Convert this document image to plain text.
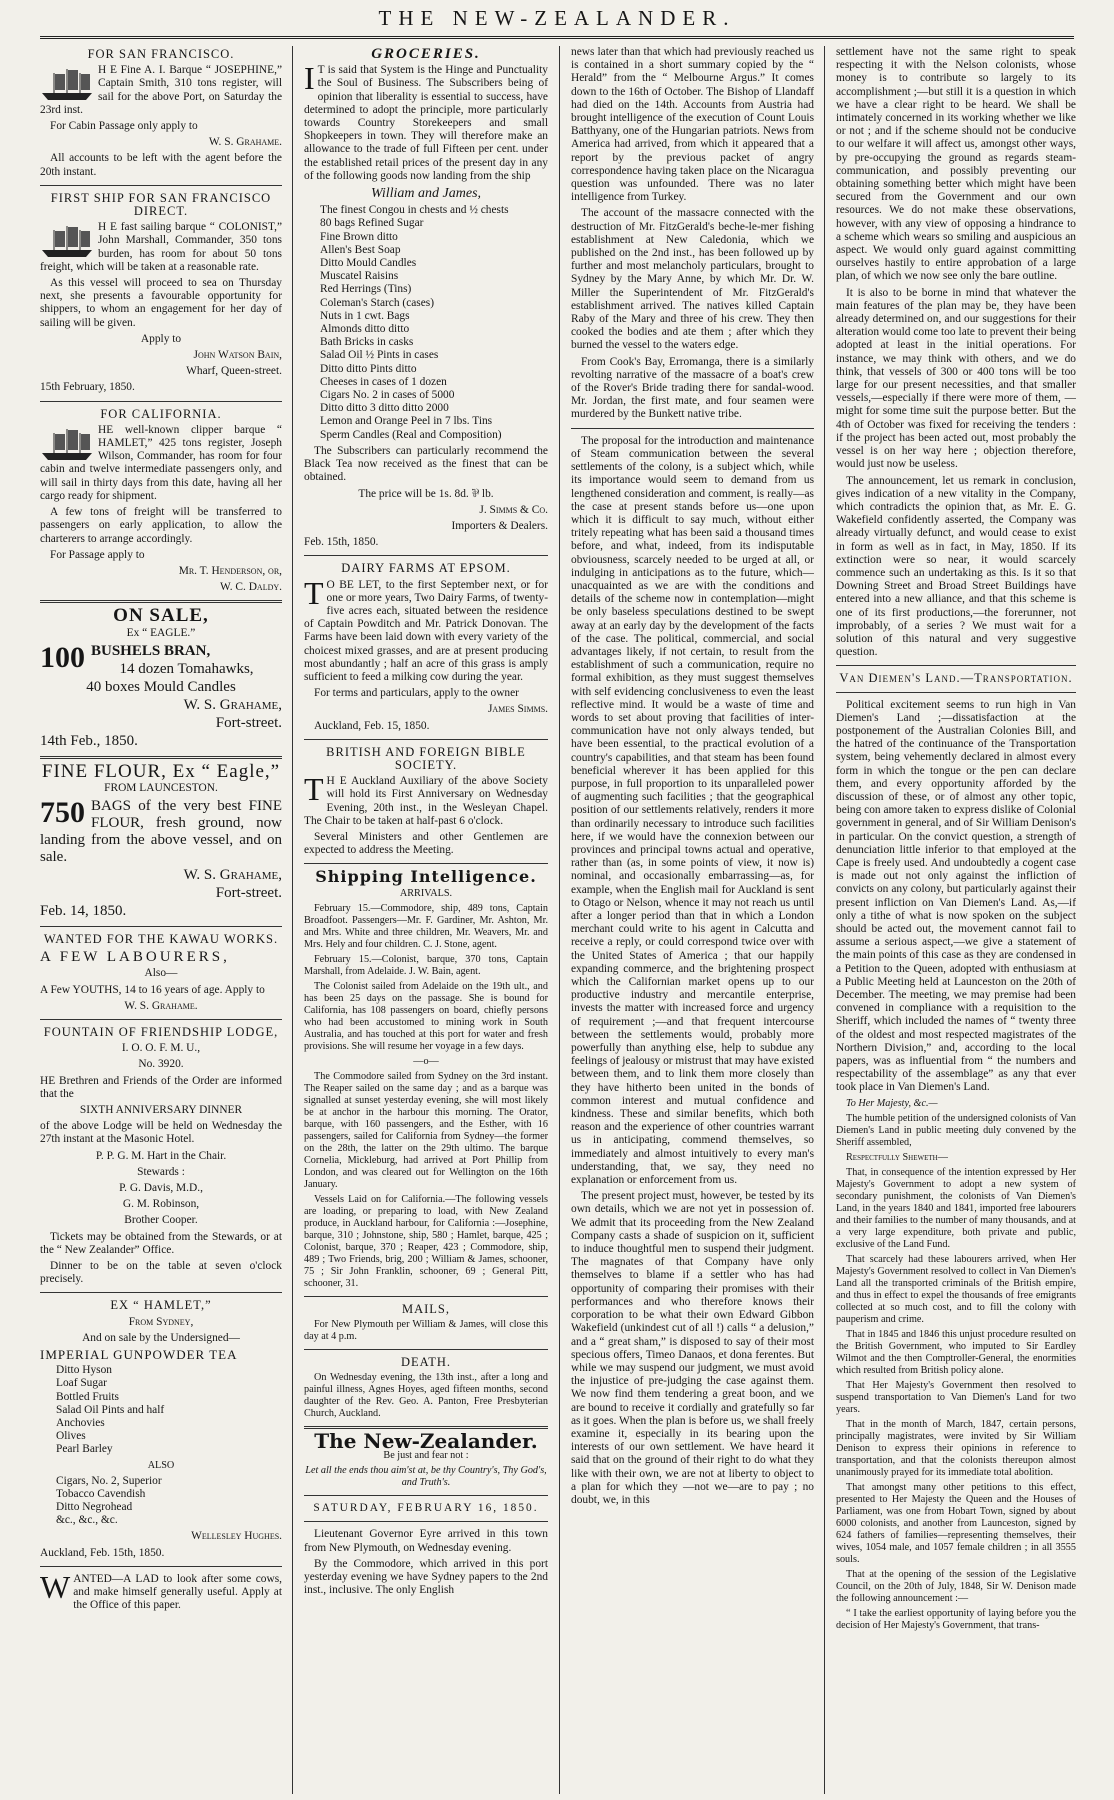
THE NEW-ZEALANDER.
FOR SAN FRANCISCO.

H E Fine A. I. Barque “ JOSEPHINE,” Captain Smith, 310 tons register, will sail for the above Port, on Saturday the 23rd inst.

For Cabin Passage only apply to

W. S. Grahame.

All accounts to be left with the agent before the 20th instant.

FIRST SHIP FOR SAN FRANCISCO DIRECT.

H E fast sailing barque “ COLONIST,” John Marshall, Commander, 350 tons burden, has room for about 50 tons freight, which will be taken at a reasonable rate.

As this vessel will proceed to sea on Thursday next, she presents a favourable opportunity for shippers, to whom an engagement for her day of sailing will be given.

Apply to

John Watson Bain,

Wharf, Queen-street.

15th February, 1850.

FOR CALIFORNIA.

HE well-known clipper barque “ HAMLET,” 425 tons register, Joseph Wilson, Commander, has room for four cabin and twelve intermediate passengers only, and will sail in thirty days from this date, having all her cargo ready for shipment.

A few tons of freight will be transferred to passengers on early application, to allow the charterers to arrange accordingly.

For Passage apply to

Mr. T. Henderson, or,

W. C. Daldy.

ON SALE,

Ex “ EAGLE.”

100 BUSHELS BRAN,

14 dozen Tomahawks,

40 boxes Mould Candles

W. S. Grahame,

Fort-street.

14th Feb., 1850.

FINE FLOUR, Ex “ Eagle,”

FROM LAUNCESTON.

750 BAGS of the very best FINE FLOUR, fresh ground, now landing from the above vessel, and on sale.

W. S. Grahame,

Fort-street.

Feb. 14, 1850.

WANTED FOR THE KAWAU WORKS.

A FEW LABOURERS,

Also—

A Few YOUTHS, 14 to 16 years of age. Apply to

W. S. Grahame.

FOUNTAIN OF FRIENDSHIP LODGE,

I. O. O. F. M. U.,

No. 3920.

HE Brethren and Friends of the Order are informed that the

SIXTH ANNIVERSARY DINNER

of the above Lodge will be held on Wednesday the 27th instant at the Masonic Hotel.

P. P. G. M. Hart in the Chair.

Stewards :

P. G. Davis, M.D.,

G. M. Robinson,

Brother Cooper.

Tickets may be obtained from the Stewards, or at the “ New Zealander” Office.

Dinner to be on the table at seven o'clock precisely.

EX “ HAMLET,”

From Sydney,

And on sale by the Undersigned—

IMPERIAL GUNPOWDER TEA

Ditto Hyson
Loaf Sugar
Bottled Fruits
Salad Oil Pints and half
Anchovies
Olives
Pearl Barley

ALSO

Cigars, No. 2, Superior
Tobacco Cavendish
Ditto Negrohead
&c., &c., &c.

Wellesley Hughes.

Auckland, Feb. 15th, 1850.

WANTED—A LAD to look after some cows, and make himself generally useful. Apply at the Office of this paper.

GROCERIES.

I T is said that System is the Hinge and Punctuality the Soul of Business. The Subscribers being of opinion that liberality is essential to success, have determined to adopt the principle, more particularly towards Country Storekeepers and small Shopkeepers in town. They will therefore make an allowance to the trade of full Fifteen per cent. under the established retail prices of the present day in any of the following goods now landing from the ship

William and James,

The finest Congou in chests and ½ chests
80 bags Refined Sugar
Fine Brown ditto
Allen's Best Soap
Ditto Mould Candles
Muscatel Raisins
Red Herrings (Tins)
Coleman's Starch (cases)
Nuts in 1 cwt. Bags
Almonds ditto ditto
Bath Bricks in casks
Salad Oil ½ Pints in cases
Ditto ditto Pints ditto
Cheeses in cases of 1 dozen
Cigars No. 2 in cases of 5000
Ditto ditto 3 ditto ditto 2000
Lemon and Orange Peel in 7 lbs. Tins
Sperm Candles (Real and Composition)

The Subscribers can particularly recommend the Black Tea now received as the finest that can be obtained.

The price will be 1s. 8d. ⅌ lb.

J. Simms & Co.

Importers & Dealers.

Feb. 15th, 1850.

DAIRY FARMS AT EPSOM.

T O BE LET, to the first September next, or for one or more years, Two Dairy Farms, of twenty-five acres each, situated between the residence of Captain Powditch and Mr. Patrick Donovan. The Farms have been laid down with every variety of the choicest mixed grasses, and are at present producing most abundantly ; half an acre of this grass is amply sufficient to feed a milking cow during the year.

For terms and particulars, apply to the owner

James Simms.

Auckland, Feb. 15, 1850.

BRITISH AND FOREIGN BIBLE SOCIETY.

T H E Auckland Auxiliary of the above Society will hold its First Anniversary on Wednesday Evening, 20th inst., in the Wesleyan Chapel. The Chair to be taken at half-past 6 o'clock.

Several Ministers and other Gentlemen are expected to address the Meeting.

Shipping Intelligence.

ARRIVALS.

February 15.—Commodore, ship, 489 tons, Captain Broadfoot. Passengers—Mr. F. Gardiner, Mr. Ashton, Mr. and Mrs. White and three children, Mr. Weavers, Mr. and Mrs. Hely and four children. C. J. Stone, agent.

February 15.—Colonist, barque, 370 tons, Captain Marshall, from Adelaide. J. W. Bain, agent.

The Colonist sailed from Adelaide on the 19th ult., and has been 25 days on the passage. She is bound for California, has 108 passengers on board, chiefly persons who had been accustomed to mining work in South Australia, and has touched at this port for water and fresh provisions. She will resume her voyage in a few days.

—o—

The Commodore sailed from Sydney on the 3rd instant. The Reaper sailed on the same day ; and as a barque was signalled at sunset yesterday evening, she will most likely be at anchor in the harbour this morning. The Orator, barque, with 160 passengers, and the Esther, with 16 passengers, sailed for California from Sydney—the former on the 28th, the latter on the 29th ultimo. The barque Cornelia, Mickleburg, had arrived at Port Phillip from London, and was cleared out for Wellington on the 16th January.

Vessels Laid on for California.—The following vessels are loading, or preparing to load, with New Zealand produce, in Auckland harbour, for California :—Josephine, barque, 310 ; Johnstone, ship, 580 ; Hamlet, barque, 425 ; Colonist, barque, 370 ; Reaper, 423 ; Commodore, ship, 489 ; Two Friends, brig, 200 ; William & James, schooner, 75 ; Sir John Franklin, schooner, 69 ; General Pitt, schooner, 31.

MAILS,

For New Plymouth per William & James, will close this day at 4 p.m.

DEATH.

On Wednesday evening, the 13th inst., after a long and painful illness, Agnes Hoyes, aged fifteen months, second daughter of the Rev. Geo. A. Panton, Free Presbyterian Church, Auckland.

The New-Zealander.

Be just and fear not :

Let all the ends thou aim'st at, be thy Country's, Thy God's, and Truth's.

SATURDAY, FEBRUARY 16, 1850.

Lieutenant Governor Eyre arrived in this town from New Plymouth, on Wednesday evening.

By the Commodore, which arrived in this port yesterday evening we have Sydney papers to the 2nd inst., inclusive. The only English

news later than that which had previously reached us is contained in a short summary copied by the “ Herald” from the “ Melbourne Argus.” It comes down to the 16th of October. The Bishop of Llandaff had died on the 14th. Accounts from Austria had brought intelligence of the execution of Count Louis Batthyany, one of the Hungarian patriots. News from America had arrived, from which it appeared that a report by the previous packet of angry correspondence having taken place on the Nicaragua question was unfounded. There was no later intelligence from Turkey.

The account of the massacre connected with the destruction of Mr. FitzGerald's beche-le-mer fishing establishment at New Caledonia, which we published on the 2nd inst., has been followed up by further and most melancholy particulars, brought to Sydney by the Mary Anne, by which Mr. Dr. W. Miller the Superintendent of Mr. FitzGerald's establishment arrived. The natives killed Captain Raby of the Mary and three of his crew. They then cooked the bodies and ate them ; after which they burned the vessel to the waters edge.

From Cook's Bay, Erromanga, there is a similarly revolting narrative of the massacre of a boat's crew of the Rover's Bride trading there for sandal-wood. Mr. Jordan, the first mate, and four seamen were murdered by the Bunkett native tribe.

The proposal for the introduction and maintenance of Steam communication between the several settlements of the colony, is a subject which, while its importance would seem to demand from us lengthened consideration and comment, is really—as the case at present stands before us—one upon which it is difficult to say much, without either tritely repeating what has been said a thousand times before, and what, indeed, from its indisputable obviousness, scarcely needed to be urged at all, or indulging in anticipations as to the future, which—unacquainted as we are with the conditions and details of the scheme now in contemplation—might be only baseless speculations destined to be swept away at an early day by the development of the facts of the case. The political, commercial, and social advantages likely, if not certain, to result from the establishment of such a communication, require no formal exhibition, as they must suggest themselves with self evidencing conclusiveness to even the least reflective mind. It would be a waste of time and words to set about proving that facilities of inter-communication have not only always tended, but have been essential, to the practical evolution of a country's capabilities, and that steam has been found beneficial wherever it has been applied for this purpose, in full proportion to its unparalleled power of augmenting such facilities ; that the geographical position of our settlements relatively, renders it more than ordinarily necessary to introduce such facilities here, if we would have the connexion between our provinces and principal towns actual and operative, rather than (as, in some points of view, it now is) nominal, and occasionally embarrassing—as, for example, when the English mail for Auckland is sent to Otago or Nelson, whence it may not reach us until after a longer period than that in which a London merchant could write to his agent in Calcutta and receive a reply, or could correspond twice over with the United States of America ; that our happily expanding commerce, and the brightening prospect which the Californian market opens up to our productive industry and mercantile enterprise, invests the matter with increased force and urgency of requirement ;—and that frequent intercourse between the settlements would, probably more powerfully than anything else, help to subdue any feelings of jealousy or mistrust that may have existed between them, and to link them more closely than they have hitherto been united in the bonds of common interest and mutual confidence and kindness. These and similar benefits, which both reason and the experience of other countries warrant us in anticipating, commend themselves, so immediately and almost intuitively to every man's understanding, that, we say, they need no explanation or enforcement from us.

The present project must, however, be tested by its own details, which we are not yet in possession of. We admit that its proceeding from the New Zealand Company casts a shade of suspicion on it, sufficient to induce thoughtful men to suspend their judgment. The magnates of that Company have only themselves to blame if a settler who has had opportunity of comparing their promises with their performances and who therefore knows their corporation to be what their own Edward Gibbon Wakefield (unkindest cut of all !) calls “ a delusion,” and a “ great sham,” is disposed to say of their most specious offers, Timeo Danaos, et dona ferentes. But while we may suspend our judgment, we must avoid the injustice of pre-judging the case against them. We now find them tendering a great boon, and we are bound to receive it cordially and gratefully so far as it goes. When the plan is before us, we shall freely examine it, especially in its bearing upon the interests of our own settlement. We have heard it said that on the ground of their right to do what they like with their own, we are not at liberty to object to a plan for which they —not we—are to pay ; no doubt, we, in this

settlement have not the same right to speak respecting it with the Nelson colonists, whose money is to contribute so largely to its accomplishment ;—but still it is a question in which we have a clear right to be heard. We shall be intimately concerned in its working whether we like or not ; and if the scheme should not be conducive to our welfare it will affect us, amongst other ways, by pre-occupying the ground as regards steam-communication, and possibly preventing our obtaining something better which might have been secured from the Government and our own resources. We do not make these observations, however, with any view of opposing a hindrance to a scheme which wears so smiling and auspicious an aspect. We would only guard against committing ourselves hastily to entire approbation of a large plan, of which we now see only the bare outline.

It is also to be borne in mind that whatever the main features of the plan may be, they have been already determined on, and our suggestions for their alteration would come too late to prevent their being adopted at least in the initial operations. For instance, we may think with others, and we do think, that vessels of 300 or 400 tons will be too large for our present necessities, and that smaller vessels,—especially if there were more of them, —might for some time suit the purpose better. But the 4th of October was fixed for receiving the tenders : if the project has been acted out, most probably the vessel is on her way here ; objection therefore, would just now be useless.

The announcement, let us remark in conclusion, gives indication of a new vitality in the Company, which contradicts the opinion that, as Mr. E. G. Wakefield confidently asserted, the Company was already virtually defunct, and would cease to exist in form as well as in fact, in May, 1850. If its extinction were so near, it would scarcely commence such an undertaking as this. Is it so that Downing Street and Broad Street Buildings have entered into a new alliance, and that this scheme is one of its first productions,—the forerunner, not improbably, of a series ? We must wait for a solution of this natural and very suggestive question.

Van Diemen's Land.—Transportation.

Political excitement seems to run high in Van Diemen's Land ;—dissatisfaction at the postponement of the Australian Colonies Bill, and the hatred of the continuance of the Transportation system, being vehemently declared in almost every form in which the tongue or the pen can declare them, and every opportunity afforded by the discussion of these, or of almost any other topic, being con amore taken to express dislike of Colonial government in general, and of Sir William Denison's in particular. On the convict question, a strength of denunciation little inferior to that employed at the Cape is freely used. And undoubtedly a cogent case is made out not only against the infliction of convicts on any colony, but particularly against their present infliction on Van Diemen's Land. As,—if only a tithe of what is now spoken on the subject should be acted out, the movement cannot fail to assume a serious aspect,—we give a statement of the main points of this case as they are condensed in a Petition to the Queen, adopted with enthusiasm at a Public Meeting held at Launceston on the 20th of December. The meeting, we may premise had been convened in compliance with a requisition to the Sheriff, which included the names of “ twenty three of the oldest and most respected magistrates of the Northern Division,” and, according to the local papers, was as influential from “ the numbers and respectability of the assemblage” as any that ever took place in Van Diemen's Land.

To Her Majesty, &c.—

The humble petition of the undersigned colonists of Van Diemen's Land in public meeting duly convened by the Sheriff assembled,

Respectfully Sheweth—

That, in consequence of the intention expressed by Her Majesty's Government to adopt a new system of secondary punishment, the colonists of Van Diemen's Land, in the years 1840 and 1841, imported free labourers and their families to the number of many thousands, and at a very large expenditure, both private and public, exclusive of the Land Fund.

That scarcely had these labourers arrived, when Her Majesty's Government resolved to collect in Van Diemen's Land all the transported criminals of the British empire, and thus in effect to expel the thousands of free emigrants collected at so much cost, and to fill the colony with pauperism and crime.

That in 1845 and 1846 this unjust procedure resulted on the British Government, who imputed to Sir Eardley Wilmot and the then Comptroller-General, the enormities which resulted from British policy alone.

That Her Majesty's Government then resolved to suspend transportation to Van Diemen's Land for two years.

That in the month of March, 1847, certain persons, principally magistrates, were invited by Sir William Denison to express their opinions in reference to transportation, and that the colonists thereupon almost unanimously prayed for its immediate total abolition.

That amongst many other petitions to this effect, presented to Her Majesty the Queen and the Houses of Parliament, was one from Hobart Town, signed by about 6000 colonists, and another from Launceston, signed by 624 fathers of families—representing themselves, their wives, 1054 male, and 1057 female children ; in all 3555 souls.

That at the opening of the session of the Legislative Council, on the 20th of July, 1848, Sir W. Denison made the following announcement :—

“ I take the earliest opportunity of laying before you the decision of Her Majesty's Government, that trans-
